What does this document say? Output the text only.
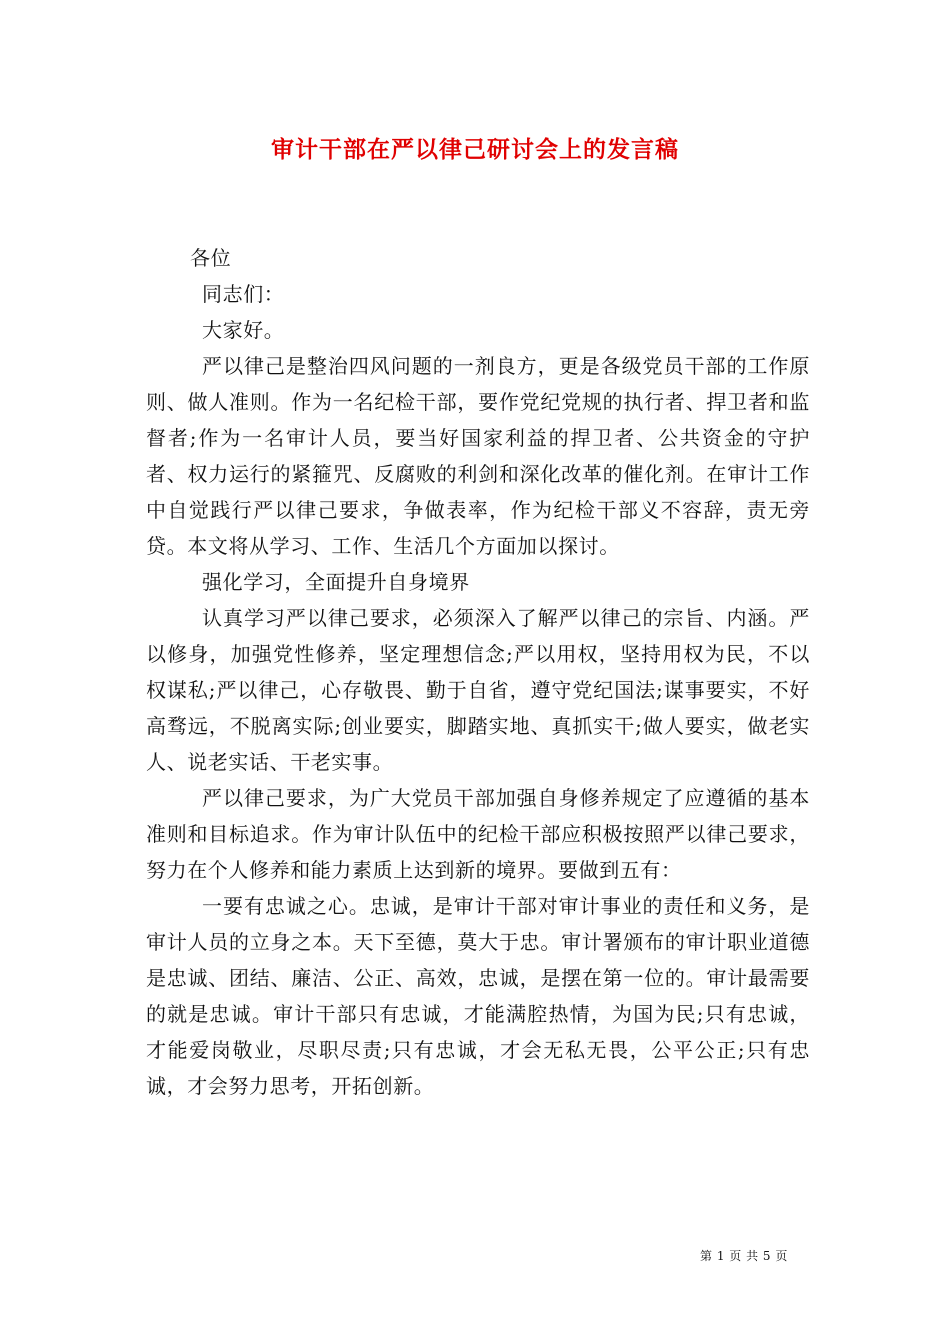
审计干部在严以律己研讨会上的发言稿

各位

同志们：

大家好。

严以律己是整治四风问题的一剂良方，更是各级党员干部的工作原则、做人准则。作为一名纪检干部，要作党纪党规的执行者、捍卫者和监督者;作为一名审计人员，要当好国家利益的捍卫者、公共资金的守护者、权力运行的紧箍咒、反腐败的利剑和深化改革的催化剂。在审计工作中自觉践行严以律己要求，争做表率，作为纪检干部义不容辞，责无旁贷。本文将从学习、工作、生活几个方面加以探讨。

强化学习，全面提升自身境界

认真学习严以律己要求，必须深入了解严以律己的宗旨、内涵。严以修身，加强党性修养，坚定理想信念;严以用权，坚持用权为民，不以权谋私;严以律己，心存敬畏、勤于自省，遵守党纪国法;谋事要实，不好高骛远，不脱离实际;创业要实，脚踏实地、真抓实干;做人要实，做老实人、说老实话、干老实事。

严以律己要求，为广大党员干部加强自身修养规定了应遵循的基本准则和目标追求。作为审计队伍中的纪检干部应积极按照严以律己要求，努力在个人修养和能力素质上达到新的境界。要做到五有：

一要有忠诚之心。忠诚，是审计干部对审计事业的责任和义务，是审计人员的立身之本。天下至德，莫大于忠。审计署颁布的审计职业道德是忠诚、团结、廉洁、公正、高效，忠诚，是摆在第一位的。审计最需要的就是忠诚。审计干部只有忠诚，才能满腔热情，为国为民;只有忠诚，才能爱岗敬业，尽职尽责;只有忠诚，才会无私无畏，公平公正;只有忠诚，才会努力思考，开拓创新。

第 1 页 共 5 页
